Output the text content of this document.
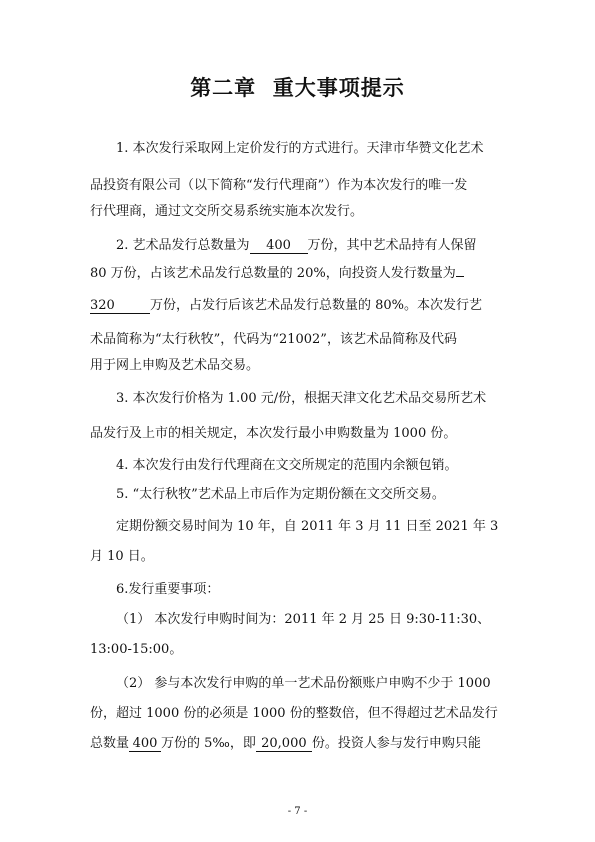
第二章  重大事项提示
1. 本次发行采取网上定价发行的方式进行。天津市华赞文化艺术
品投资有限公司（以下简称“发行代理商”）作为本次发行的唯一发
行代理商，通过文交所交易系统实施本次发行。
2. 艺术品发行总数量为 400 万份，其中艺术品持有人保留
80 万份，占该艺术品发行总数量的 20%，向投资人发行数量为
320	万份，占发行后该艺术品发行总数量的 80%。本次发行艺
术品简称为“太行秋牧”，代码为“21002”，该艺术品简称及代码
用于网上申购及艺术品交易。
3. 本次发行价格为 1.00 元/份，根据天津文化艺术品交易所艺术
品发行及上市的相关规定，本次发行最小申购数量为 1000 份。
4. 本次发行由发行代理商在文交所规定的范围内余额包销。
5. “太行秋牧”艺术品上市后作为定期份额在文交所交易。
定期份额交易时间为 10 年，自 2011 年 3 月 11 日至 2021 年 3
月 10 日。
6.发行重要事项：
（1） 本次发行申购时间为：2011 年 2 月 25 日 9:30-11:30、
13:00-15:00。
（2） 参与本次发行申购的单一艺术品份额账户申购不少于 1000
份，超过 1000 份的必须是 1000 份的整数倍，但不得超过艺术品发行
总数量 400 万份的 5‰，即 20,000 份。投资人参与发行申购只能
- 7 -
